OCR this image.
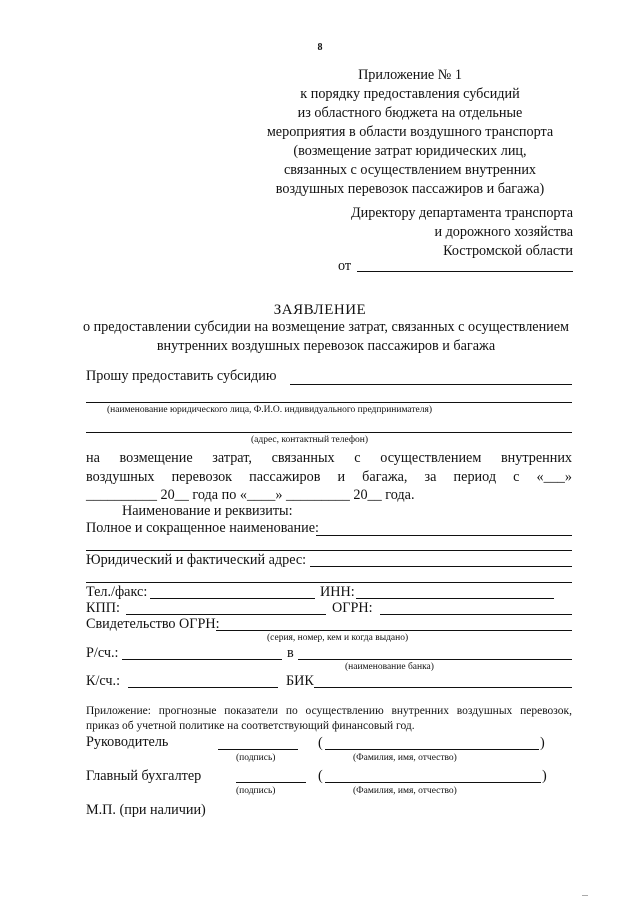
8
Приложение № 1
к порядку предоставления субсидий
из областного бюджета на отдельные
мероприятия в области воздушного транспорта
(возмещение затрат юридических лиц,
связанных с осуществлением внутренних
воздушных перевозок пассажиров и багажа)
Директору департамента транспорта
и дорожного хозяйства
Костромской области
от
ЗАЯВЛЕНИЕ
о предоставлении субсидии на возмещение затрат, связанных с осуществлением внутренних воздушных перевозок пассажиров и багажа
Прошу предоставить субсидию
(наименование юридического лица, Ф.И.О. индивидуального предпринимателя)
(адрес, контактный телефон)
на возмещение затрат, связанных с осуществлением внутренних
воздушных перевозок пассажиров и багажа, за период с «___»
__________ 20__ года по «____» _________ 20__ года.
Наименование и реквизиты:
Полное и сокращенное наименование:
Юридический и фактический адрес:
Тел./факс:	ИНН:
КПП:	ОГРН:
Свидетельство ОГРН:
(серия, номер, кем и когда выдано)
Р/сч.:	в
(наименование банка)
К/сч.:	БИК
Приложение: прогнозные показатели по осуществлению внутренних воздушных перевозок, приказ об учетной политике на соответствующий финансовый год.
Руководитель	(	)
(подпись)	(Фамилия, имя, отчество)
Главный бухгалтер	(	)
(подпись)	(Фамилия, имя, отчество)
М.П. (при наличии)
